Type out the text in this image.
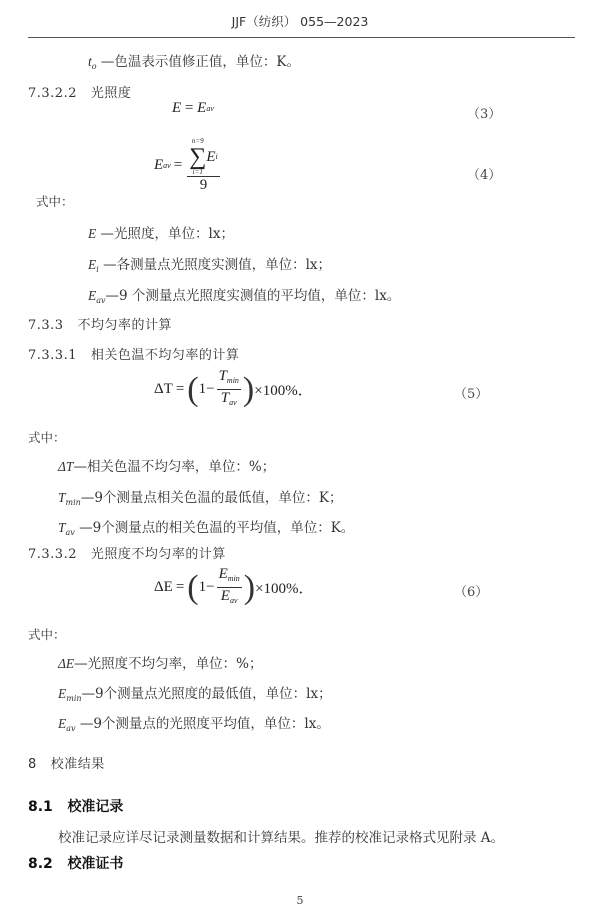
JJF（纺织） 055—2023
$t_o$ —色温表示值修正值，单位：K。
7.3.2.2 光照度
E
=
E av	（3）
E av = n=9
∑
i=1
E i
9	（4）
式中：
E —光照度，单位：lx；
$E_i$ —各测量点光照度实测值，单位：lx；
$E_{av}—9$ 个测量点光照度实测值的平均值，单位：lx。
7.3.3 不均匀率的计算
7.3.3.1 相关色温不均匀率的计算
ΔT = ( $1- \frac{T_{min}}{T_{av}}$ ) ×100%．	（5）
式中：
ΔT—相关色温不均匀率，单位：%；
$T_{min}—9$个测量点相关色温的最低值，单位：K；
$T_{av}$ —9个测量点的相关色温的平均值，单位：K。
7.3.3.2 光照度不均匀率的计算
ΔE = ( $1- \frac{E_{min}}{E_{av}}$ ) ×100%．	（6）
式中：
ΔE—光照度不均匀率，单位：%；
$E_{min}—9$个测量点光照度的最低值，单位：lx；
$E_{av}$ —9个测量点的光照度平均值，单位：lx。
8 校准结果
8.1 校准记录
校准记录应详尽记录测量数据和计算结果。推荐的校准记录格式见附录 A。
8.2 校准证书
5
